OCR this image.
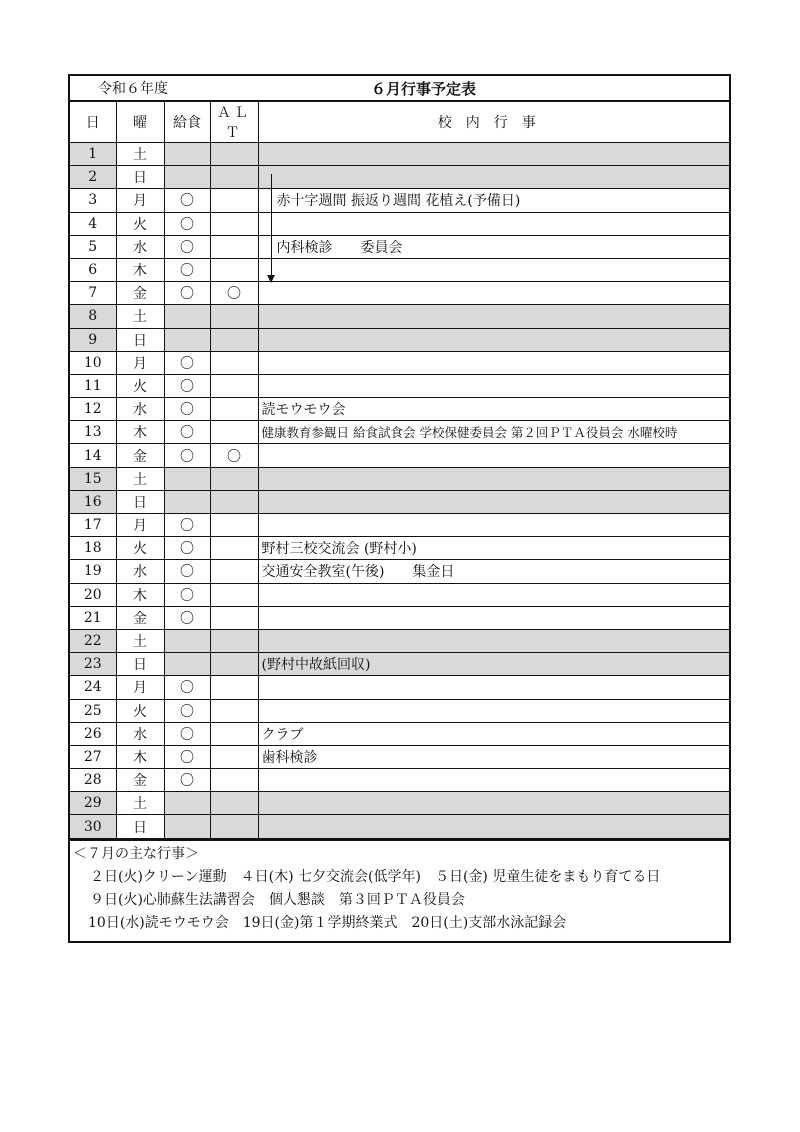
令和６年度	６月行事予定表
日	曜	給食	ＡＬＴ	校内行事
1	土			
2	日			
3	月	〇		赤十字週間 振返り週間 花植え(予備日)
4	火	〇		
5	水	〇		内科検診　　委員会
6	木	〇		
7	金	〇	〇	
8	土			
9	日			
10	月	〇		
11	火	〇		
12	水	〇		読モウモウ会
13	木	〇		健康教育参観日 給食試食会 学校保健委員会 第２回ＰＴＡ役員会 水曜校時
14	金	〇	〇	
15	土			
16	日			
17	月	〇		
18	火	〇		野村三校交流会 (野村小)
19	水	〇		交通安全教室(午後)　　集金日
20	木	〇		
21	金	〇		
22	土			
23	日			(野村中故紙回収)
24	月	〇		
25	火	〇		
26	水	〇		クラブ
27	木	〇		歯科検診
28	金	〇		
29	土			
30	日			
＜７月の主な行事＞
２日(火)クリーン運動　４日(木) 七夕交流会(低学年)　５日(金) 児童生徒をまもり育てる日
９日(火)心肺蘇生法講習会　個人懇談　第３回ＰＴＡ役員会
10日(水)読モウモウ会　19日(金)第１学期終業式　20日(土)支部水泳記録会
